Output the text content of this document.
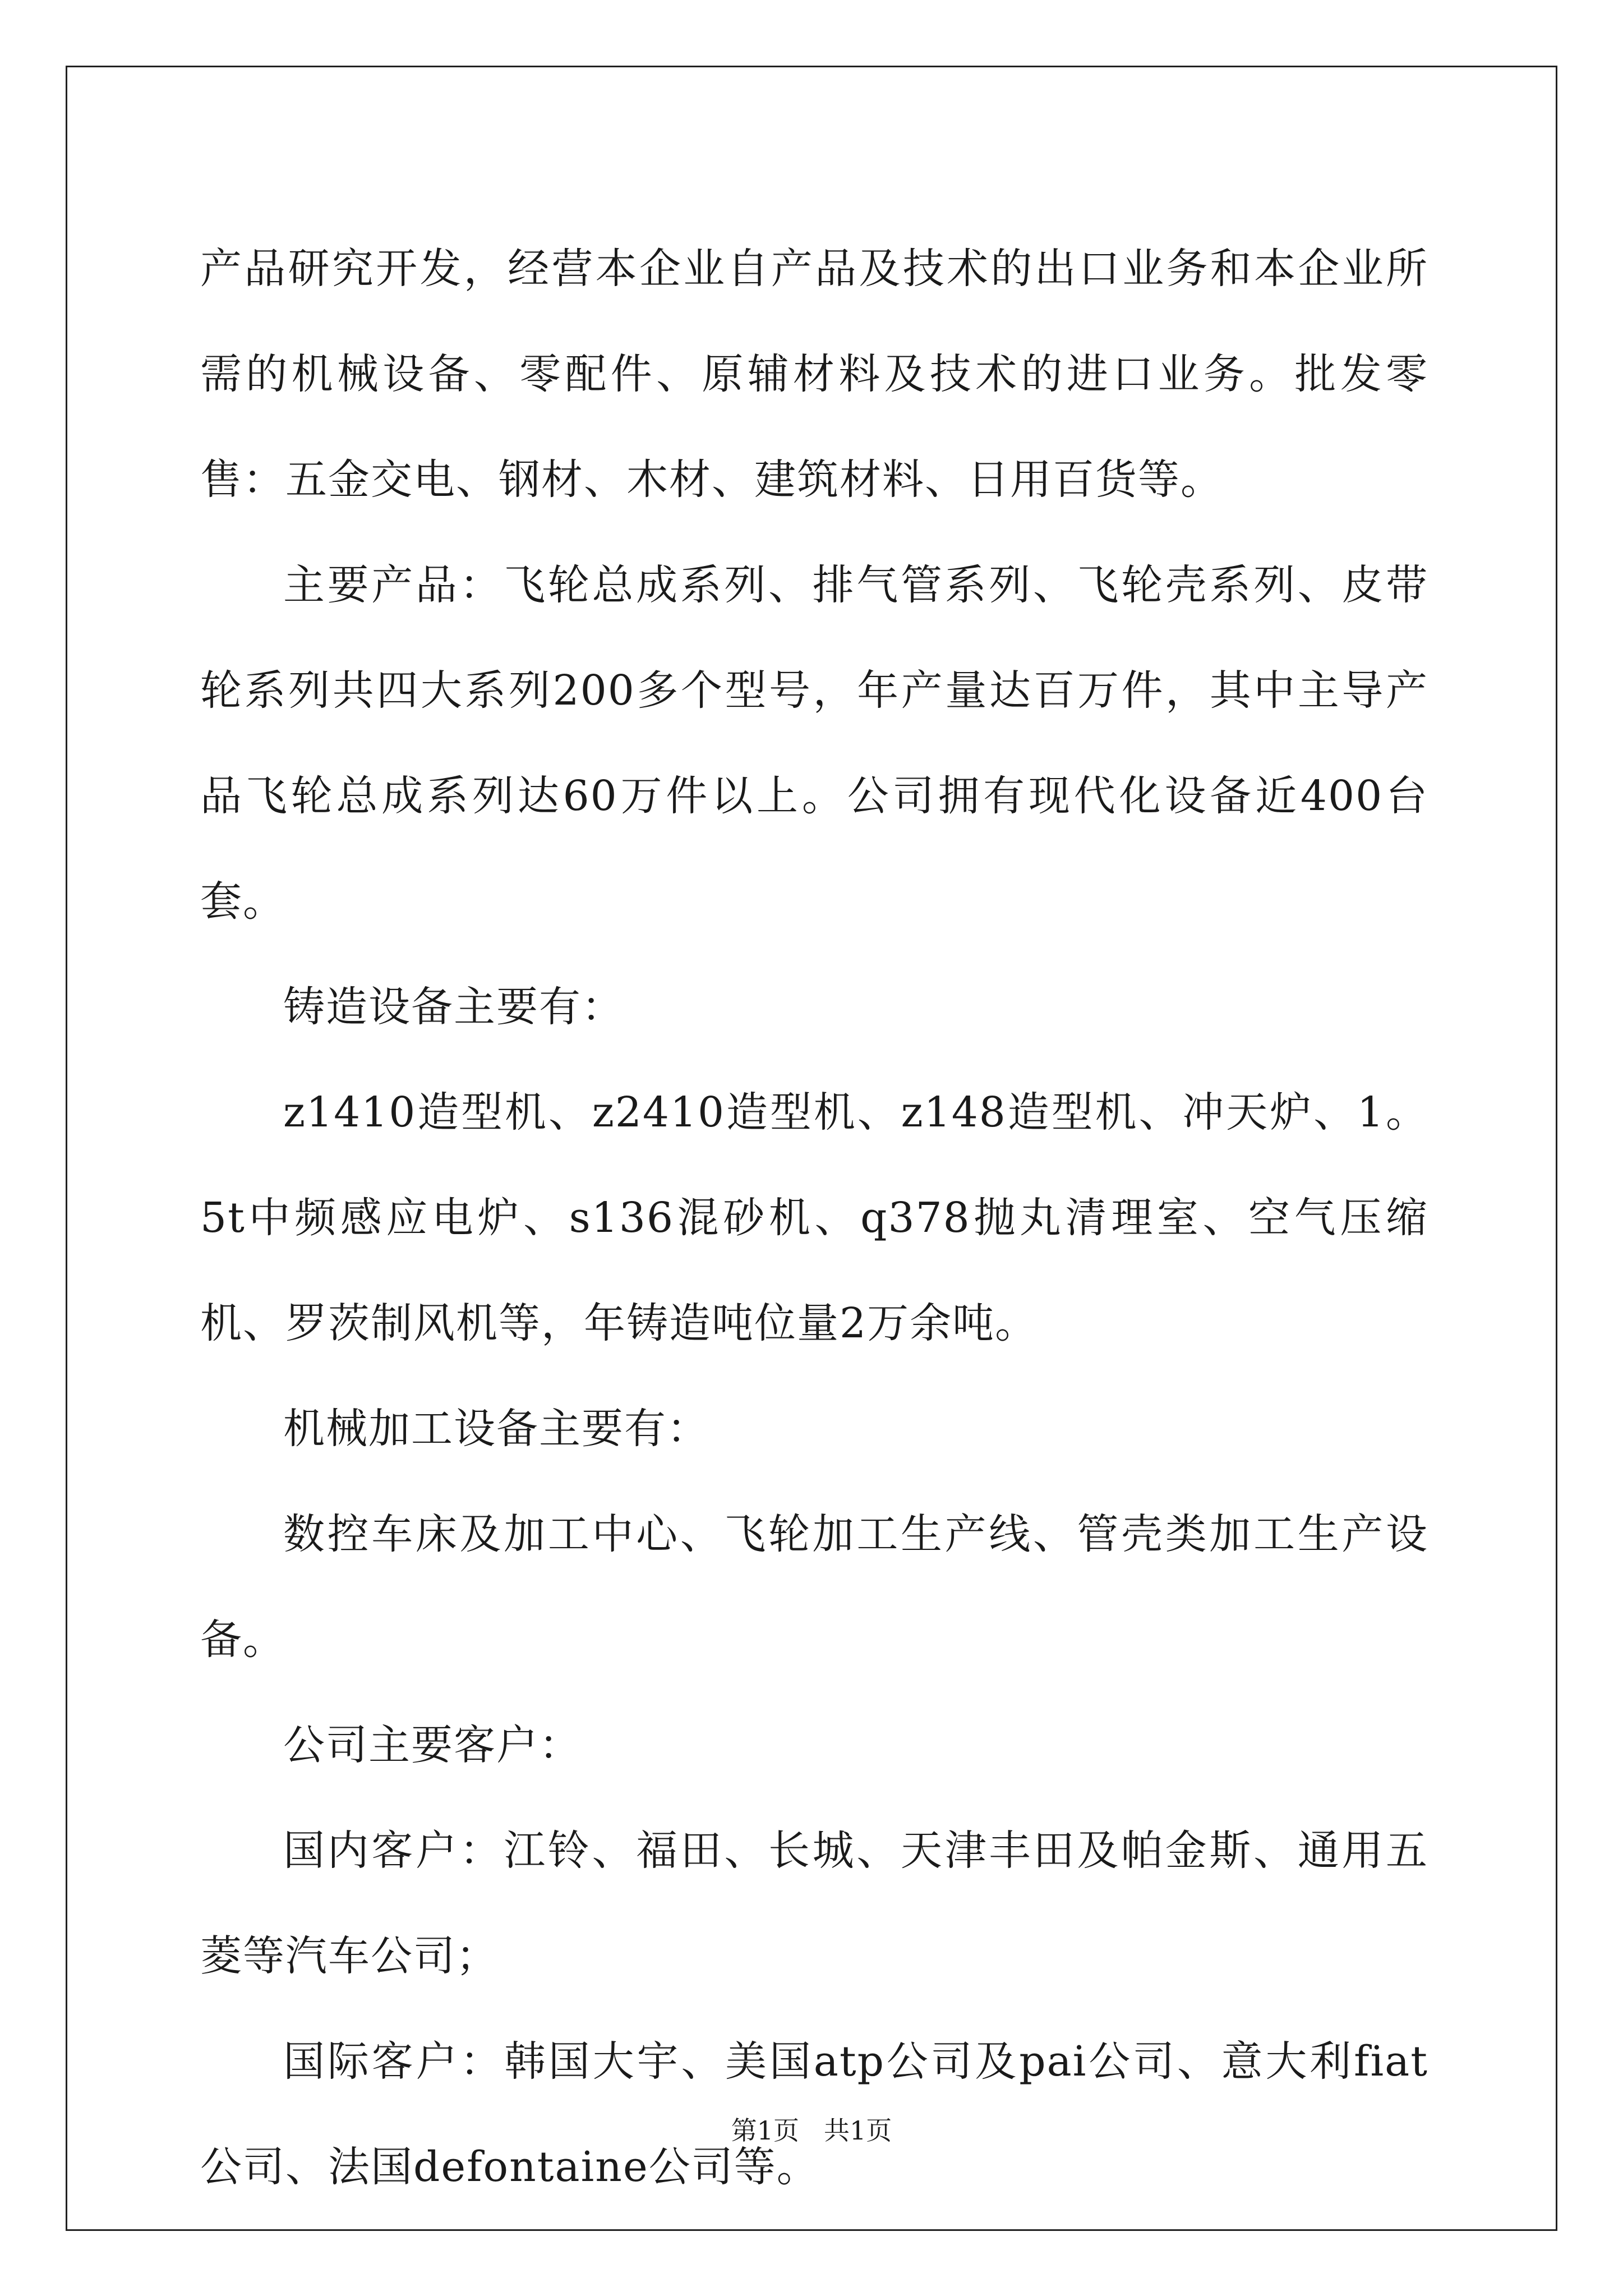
产品研究开发，经营本企业自产品及技术的出口业务和本企业所需的机械设备、零配件、原辅材料及技术的进口业务。批发零售：五金交电、钢材、木材、建筑材料、日用百货等。

主要产品：飞轮总成系列、排气管系列、飞轮壳系列、皮带轮系列共四大系列200多个型号，年产量达百万件，其中主导产品飞轮总成系列达60万件以上。公司拥有现代化设备近400台套。

铸造设备主要有：

z1410造型机、z2410造型机、z148造型机、冲天炉、1。5t中频感应电炉、s136混砂机、q378抛丸清理室、空气压缩机、罗茨制风机等，年铸造吨位量2万余吨。

机械加工设备主要有：

数控车床及加工中心、飞轮加工生产线、管壳类加工生产设备。

公司主要客户：

国内客户：江铃、福田、长城、天津丰田及帕金斯、通用五菱等汽车公司；

国际客户：韩国大宇、美国atp公司及pai公司、意大利fiat公司、法国defontaine公司等。

第1页 共1页
